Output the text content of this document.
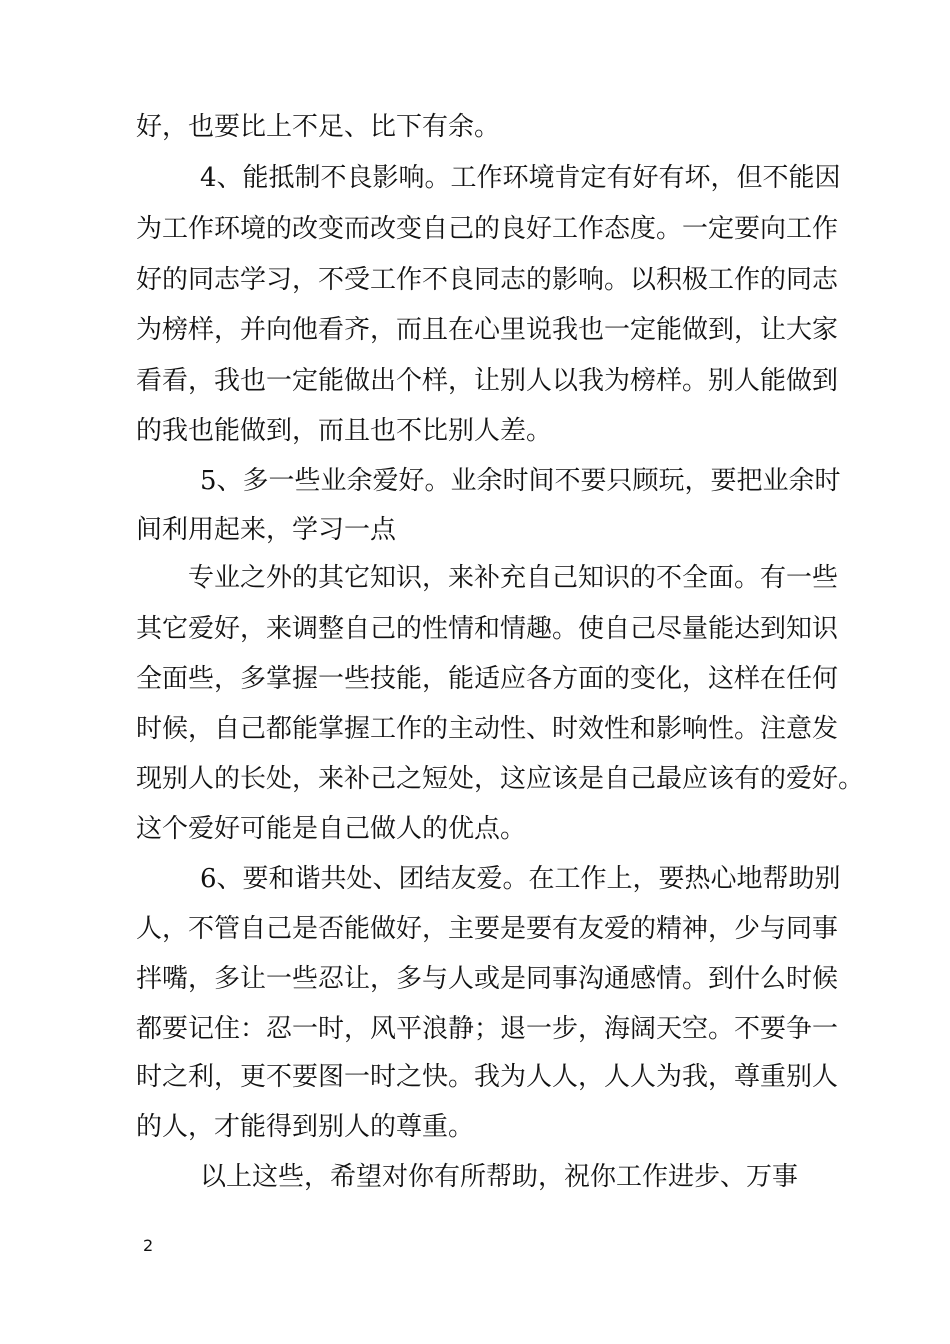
好，也要比上不足、比下有余。
4、能抵制不良影响。工作环境肯定有好有坏，但不能因
为工作环境的改变而改变自己的良好工作态度。一定要向工作
好的同志学习，不受工作不良同志的影响。以积极工作的同志
为榜样，并向他看齐，而且在心里说我也一定能做到，让大家
看看，我也一定能做出个样，让别人以我为榜样。别人能做到
的我也能做到，而且也不比别人差。
5、多一些业余爱好。业余时间不要只顾玩，要把业余时
间利用起来，学习一点
专业之外的其它知识，来补充自己知识的不全面。有一些
其它爱好，来调整自己的性情和情趣。使自己尽量能达到知识
全面些，多掌握一些技能，能适应各方面的变化，这样在任何
时候，自己都能掌握工作的主动性、时效性和影响性。注意发
现别人的长处，来补己之短处，这应该是自己最应该有的爱好。
这个爱好可能是自己做人的优点。
6、要和谐共处、团结友爱。在工作上，要热心地帮助别
人，不管自己是否能做好，主要是要有友爱的精神，少与同事
拌嘴，多让一些忍让，多与人或是同事沟通感情。到什么时候
都要记住：忍一时，风平浪静；退一步，海阔天空。不要争一
时之利，更不要图一时之快。我为人人，人人为我，尊重别人
的人，才能得到别人的尊重。
以上这些，希望对你有所帮助，祝你工作进步、万事
2
